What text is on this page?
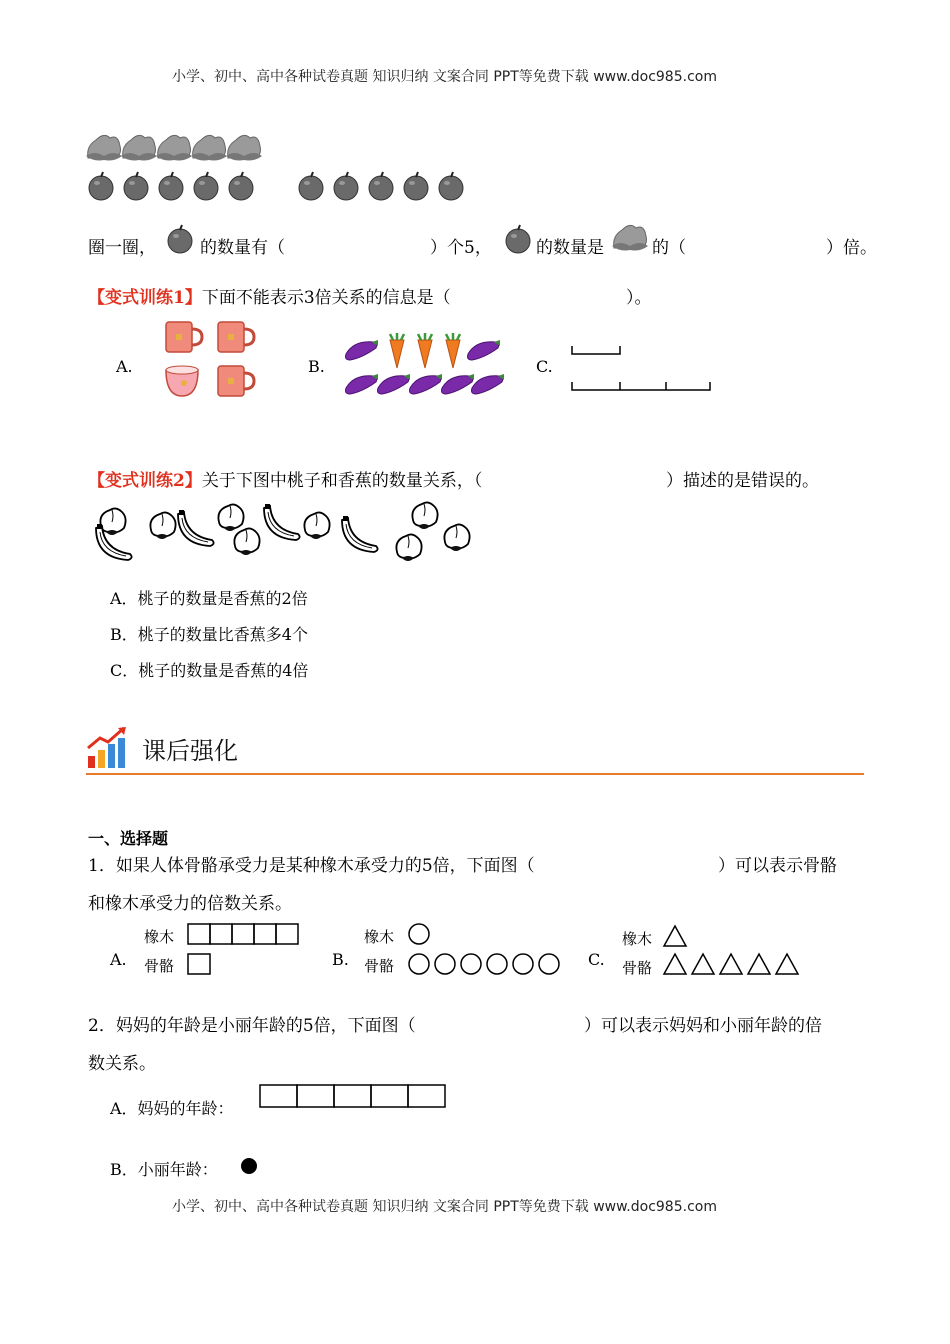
小学、初中、高中各种试卷真题 知识归纳 文案合同 PPT等免费下载 www.doc985.com
圈一圈，	的数量有（	）个5，	的数量是	的（	）倍。
【变式训练1】下面不能表示3倍关系的信息是（	）。
A.	B.	C.
【变式训练2】关于下图中桃子和香蕉的数量关系，（	）描述的是错误的。
A．桃子的数量是香蕉的2倍
B．桃子的数量比香蕉多4个
C．桃子的数量是香蕉的4倍
课后强化
一、选择题
1．如果人体骨骼承受力是某种橡木承受力的5倍，下面图（	）可以表示骨骼
和橡木承受力的倍数关系。
A.
橡木
骨骼	B.
橡木
骨骼	C.
橡木
骨骼
2．妈妈的年龄是小丽年龄的5倍，下面图（	）可以表示妈妈和小丽年龄的倍
数关系。
A．妈妈的年龄：
B．小丽年龄：
小学、初中、高中各种试卷真题 知识归纳 文案合同 PPT等免费下载 www.doc985.com
